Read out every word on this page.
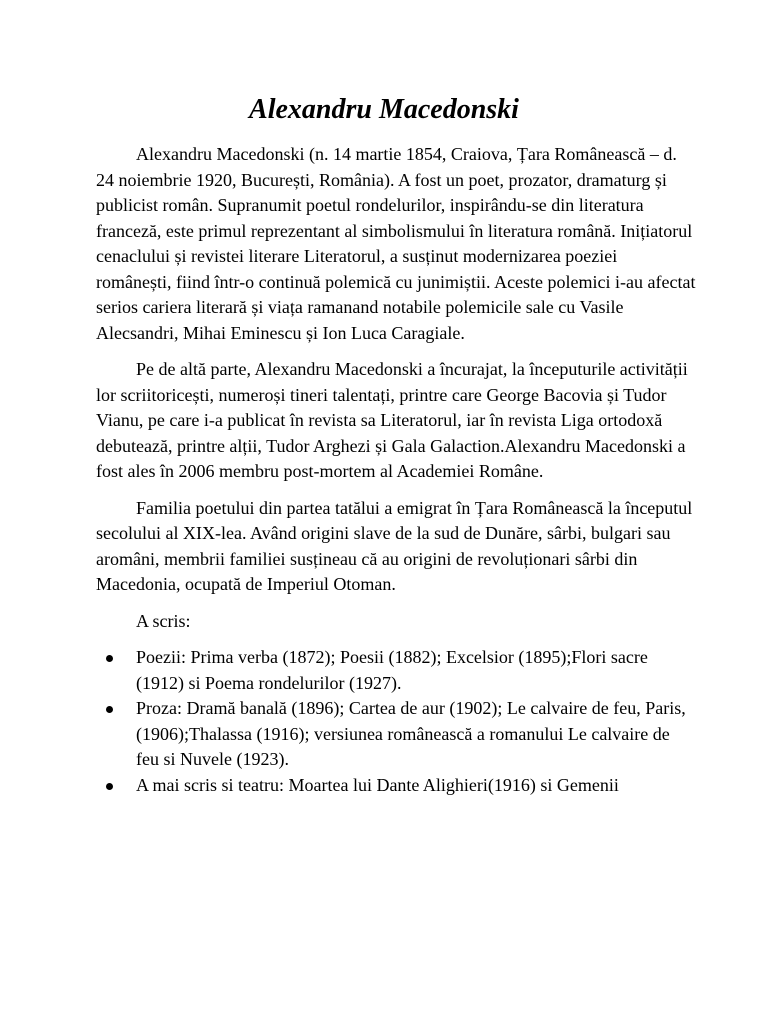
Alexandru Macedonski

Alexandru Macedonski (n. 14 martie 1854, Craiova, Țara Românească – d. 24 noiembrie 1920, București, România). A fost un poet, prozator, dramaturg și publicist român. Supranumit poetul rondelurilor, inspirându-se din literatura franceză, este primul reprezentant al simbolismului în literatura română. Inițiatorul cenaclului și revistei literare Literatorul, a susținut modernizarea poeziei românești, fiind într-o continuă polemică cu junimiștii. Aceste polemici i-au afectat serios cariera literară și viața ramanand notabile polemicile sale cu Vasile Alecsandri, Mihai Eminescu și Ion Luca Caragiale.

Pe de altă parte, Alexandru Macedonski a încurajat, la începuturile activității lor scriitoricești, numeroși tineri talentați, printre care George Bacovia și Tudor Vianu, pe care i-a publicat în revista sa Literatorul, iar în revista Liga ortodoxă debutează, printre alții, Tudor Arghezi și Gala Galaction.Alexandru Macedonski a fost ales în 2006 membru post-mortem al Academiei Române.

Familia poetului din partea tatălui a emigrat în Țara Românească la începutul secolului al XIX-lea. Având origini slave de la sud de Dunăre, sârbi, bulgari sau aromâni, membrii familiei susțineau că au origini de revoluționari sârbi din Macedonia, ocupată de Imperiul Otoman.

A scris:

Poezii: Prima verba (1872); Poesii (1882); Excelsior (1895);Flori sacre (1912) si Poema rondelurilor (1927).
Proza: Dramă banală (1896); Cartea de aur (1902); Le calvaire de feu, Paris, (1906);Thalassa (1916); versiunea românească a romanului Le calvaire de feu si Nuvele (1923).
A mai scris si teatru: Moartea lui Dante Alighieri(1916) si Gemenii
